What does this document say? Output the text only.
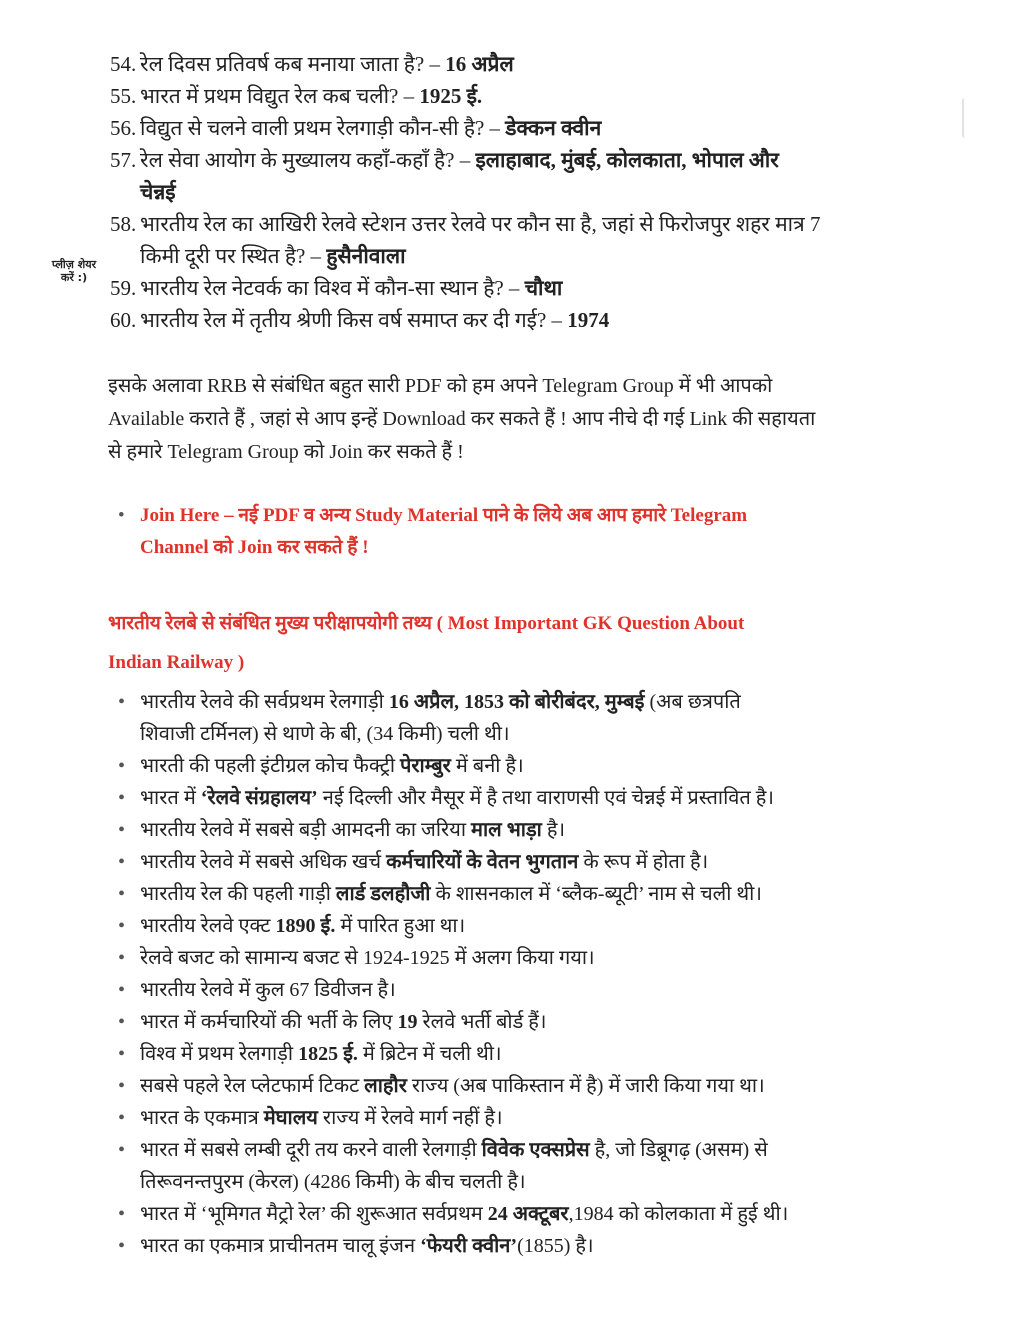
प्लीज़ शेयर करें :)
54. रेल दिवस प्रतिवर्ष कब मनाया जाता है? – 16 अप्रैल
55. भारत में प्रथम विद्युत रेल कब चली? – 1925 ई.
56. विद्युत से चलने वाली प्रथम रेलगाड़ी कौन-सी है? – डेक्कन क्वीन
57. रेल सेवा आयोग के मुख्यालय कहाँ-कहाँ है? – इलाहाबाद, मुंबई, कोलकाता, भोपाल और
चेन्नई
58. भारतीय रेल का आखिरी रेलवे स्टेशन उत्तर रेलवे पर कौन सा है, जहां से फिरोजपुर शहर मात्र 7
किमी दूरी पर स्थित है? – हुसैनीवाला
59. भारतीय रेल नेटवर्क का विश्व में कौन-सा स्थान है? – चौथा
60. भारतीय रेल में तृतीय श्रेणी किस वर्ष समाप्त कर दी गई? – 1974
इसके अलावा RRB से संबंधित बहुत सारी PDF को हम अपने Telegram Group में भी आपको
Available कराते हैं , जहां से आप इन्हें Download कर सकते हैं ! आप नीचे दी गई Link की सहायता
से हमारे Telegram Group को Join कर सकते हैं !
• Join Here – नई PDF व अन्य Study Material पाने के लिये अब आप हमारे Telegram
Channel को Join कर सकते हैं !
भारतीय रेलबे से संबंधित मुख्य परीक्षापयोगी तथ्य ( Most Important GK Question About
Indian Railway )
• भारतीय रेलवे की सर्वप्रथम रेलगाड़ी 16 अप्रैल, 1853 को बोरीबंदर, मुम्बई (अब छत्रपति
शिवाजी टर्मिनल) से थाणे के बी, (34 किमी) चली थी।
• भारती की पहली इंटीग्रल कोच फैक्ट्री पेराम्बुर में बनी है।
• भारत में ‘रेलवे संग्रहालय’ नई दिल्ली और मैसूर में है तथा वाराणसी एवं चेन्नई में प्रस्तावित है।
• भारतीय रेलवे में सबसे बड़ी आमदनी का जरिया माल भाड़ा है।
• भारतीय रेलवे में सबसे अधिक खर्च कर्मचारियों के वेतन भुगतान के रूप में होता है।
• भारतीय रेल की पहली गाड़ी लार्ड डलहौजी के शासनकाल में ‘ब्लैक-ब्यूटी’ नाम से चली थी।
• भारतीय रेलवे एक्ट 1890 ई. में पारित हुआ था।
• रेलवे बजट को सामान्य बजट से 1924-1925 में अलग किया गया।
• भारतीय रेलवे में कुल 67 डिवीजन है।
• भारत में कर्मचारियों की भर्ती के लिए 19 रेलवे भर्ती बोर्ड हैं।
• विश्व में प्रथम रेलगाड़ी 1825 ई. में ब्रिटेन में चली थी।
• सबसे पहले रेल प्लेटफार्म टिकट लाहौर राज्य (अब पाकिस्तान में है) में जारी किया गया था।
• भारत के एकमात्र मेघालय राज्य में रेलवे मार्ग नहीं है।
• भारत में सबसे लम्बी दूरी तय करने वाली रेलगाड़ी विवेक एक्सप्रेस है, जो डिब्रूगढ़ (असम) से
तिरूवनन्तपुरम (केरल) (4286 किमी) के बीच चलती है।
• भारत में ‘भूमिगत मैट्रो रेल’ की शुरूआत सर्वप्रथम 24 अक्टूबर,1984 को कोलकाता में हुई थी।
• भारत का एकमात्र प्राचीनतम चालू इंजन ‘फेयरी क्वीन’(1855) है।
